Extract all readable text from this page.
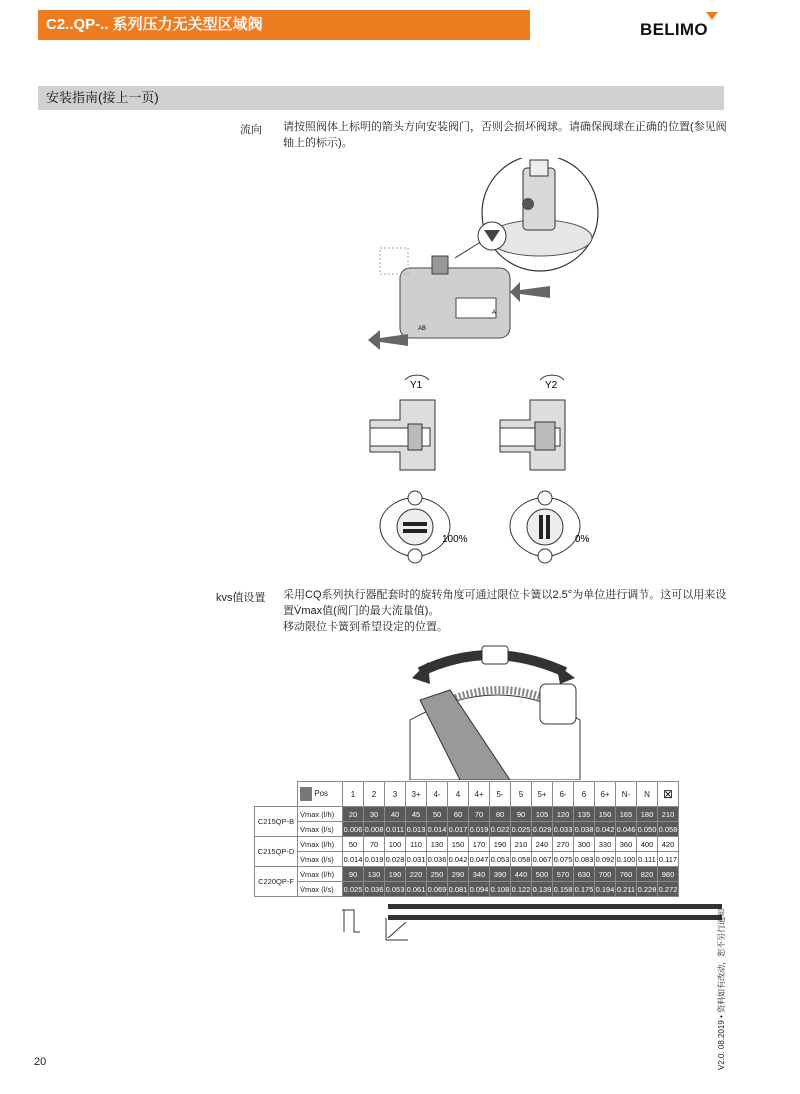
C2..QP-.. 系列压力无关型区域阀	BELIMO
安装指南(接上一页)
流向 请按照阀体上标明的箭头方向安装阀门，否则会损坏阀球。请确保阀球在正确的位置(参见阀
轴上的标示)。
AB
A
Y1	Y2
100%	0%
kvs值设置 采用CQ系列执行器配套时的旋转角度可通过限位卡簧以2.5°为单位进行调节。这可以用来设
置V̇max值(阀门的最大流量值)。
移动限位卡簧到希望设定的位置。
	Pos	1	2	3	3+	4-	4	4+	5-	5	5+	6-	6	6+	N-	N	⊠
C215QP-B	V̇max (l/h)	20	30	40	45	50	60	70	80	90	105	120	135	150	165	180	210
	V̇max (l/s)	0.006	0.008	0.011	0.013	0.014	0.017	0.019	0.022	0.025	0.029	0.033	0.038	0.042	0.046	0.050	0.058
C215QP-D	V̇max (l/h)	50	70	100	110	130	150	170	190	210	240	270	300	330	360	400	420
	V̇max (l/s)	0.014	0.019	0.028	0.031	0.036	0.042	0.047	0.053	0.058	0.067	0.075	0.083	0.092	0.100	0.111	0.117
C220QP-F	V̇max (l/h)	90	130	190	220	250	290	340	390	440	500	570	630	700	760	820	980
	V̇max (l/s)	0.025	0.036	0.053	0.061	0.069	0.081	0.094	0.108	0.122	0.139	0.158	0.175	0.194	0.211	0.228	0.272
V2.0. 08.2019 • 资料如有改动，恕不另行通知
20
